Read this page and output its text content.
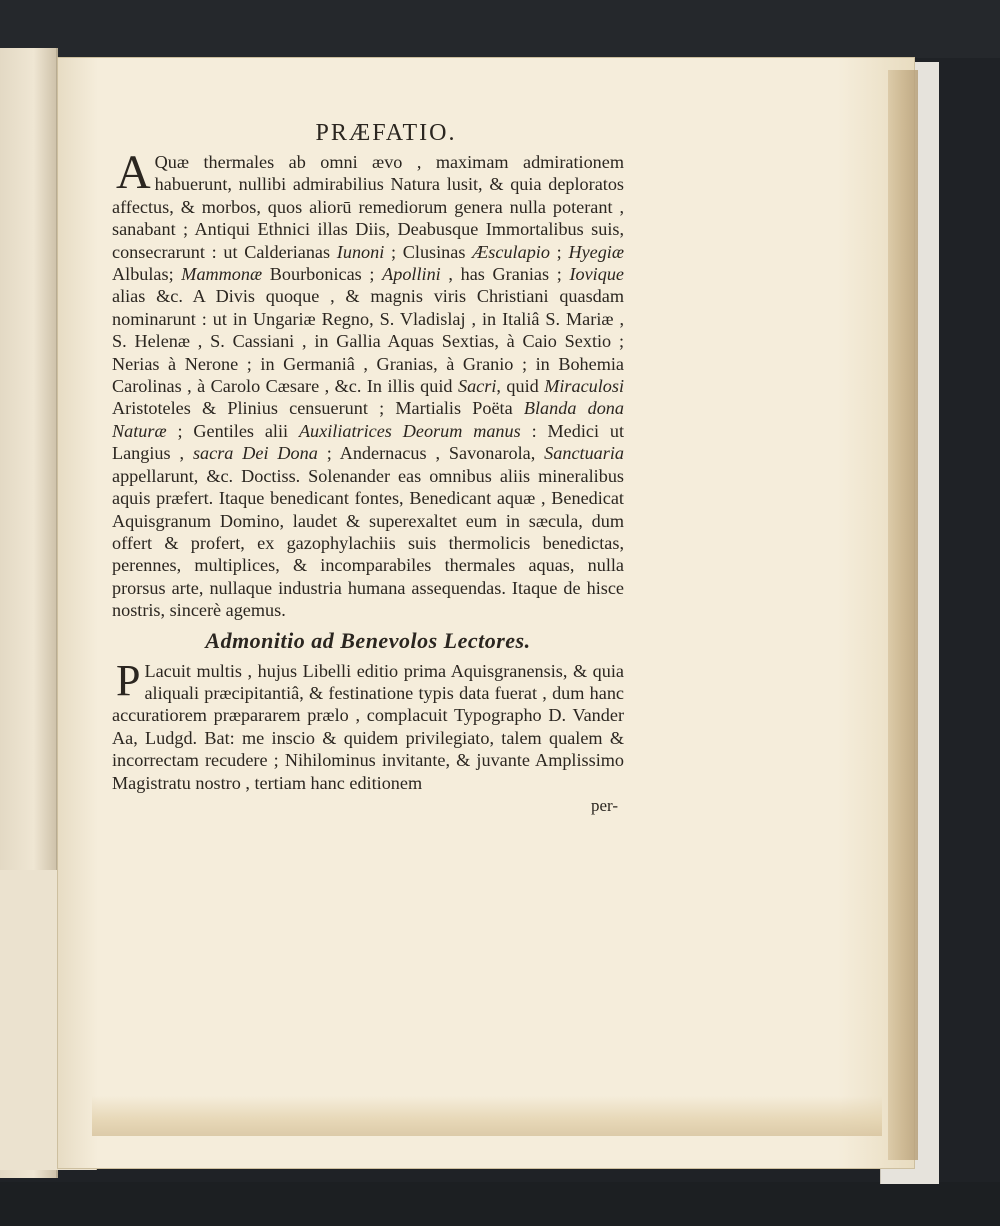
PRÆFATIO.

A Quæ thermales ab omni ævo , maximam admirationem habuerunt, nullibi admirabilius Natura lusit, & quia deploratos affectus, & morbos, quos aliorū remediorum genera nulla poterant , sanabant ; Antiqui Ethnici illas Diis, Deabusque Immortalibus suis, consecrarunt : ut Calderianas Iunoni ; Clusinas Æsculapio ; Hyegiæ Albulas; Mammonæ Bourbonicas ; Apollini , has Granias ; Iovique alias &c. A Divis quoque , & magnis viris Christiani quasdam nominarunt : ut in Ungariæ Regno, S. Vladislaj , in Italiâ S. Mariæ , S. Helenæ , S. Cassiani , in Gallia Aquas Sextias, à Caio Sextio ; Nerias à Nerone ; in Germaniâ , Granias, à Granio ; in Bohemia Carolinas , à Carolo Cæsare , &c. In illis quid Sacri, quid Miraculosi Aristoteles & Plinius censuerunt ; Martialis Poëta Blanda dona Naturæ ; Gentiles alii Auxiliatrices Deorum manus : Medici ut Langius , sacra Dei Dona ; Andernacus , Savonarola, Sanctuaria appellarunt, &c. Doctiss. Solenander eas omnibus aliis mineralibus aquis præfert. Itaque benedicant fontes, Benedicant aquæ , Benedicat Aquisgranum Domino, laudet & superexaltet eum in sæcula, dum offert & profert, ex gazophylachiis suis thermolicis benedictas, perennes, multiplices, & incomparabiles thermales aquas, nulla prorsus arte, nullaque industria humana assequendas. Itaque de hisce nostris, sincerè agemus.

Admonitio ad Benevolos Lectores.

P Lacuit multis , hujus Libelli editio prima Aquisgranensis, & quia aliquali præcipitantiâ, & festinatione typis data fuerat , dum hanc accuratiorem præpararem prælo , complacuit Typographo D. Vander Aa, Ludgd. Bat: me inscio & quidem privilegiato, talem qualem & incorrectam recudere ; Nihilominus invitante, & juvante Amplissimo Magistratu nostro , tertiam hanc editionem

per-
